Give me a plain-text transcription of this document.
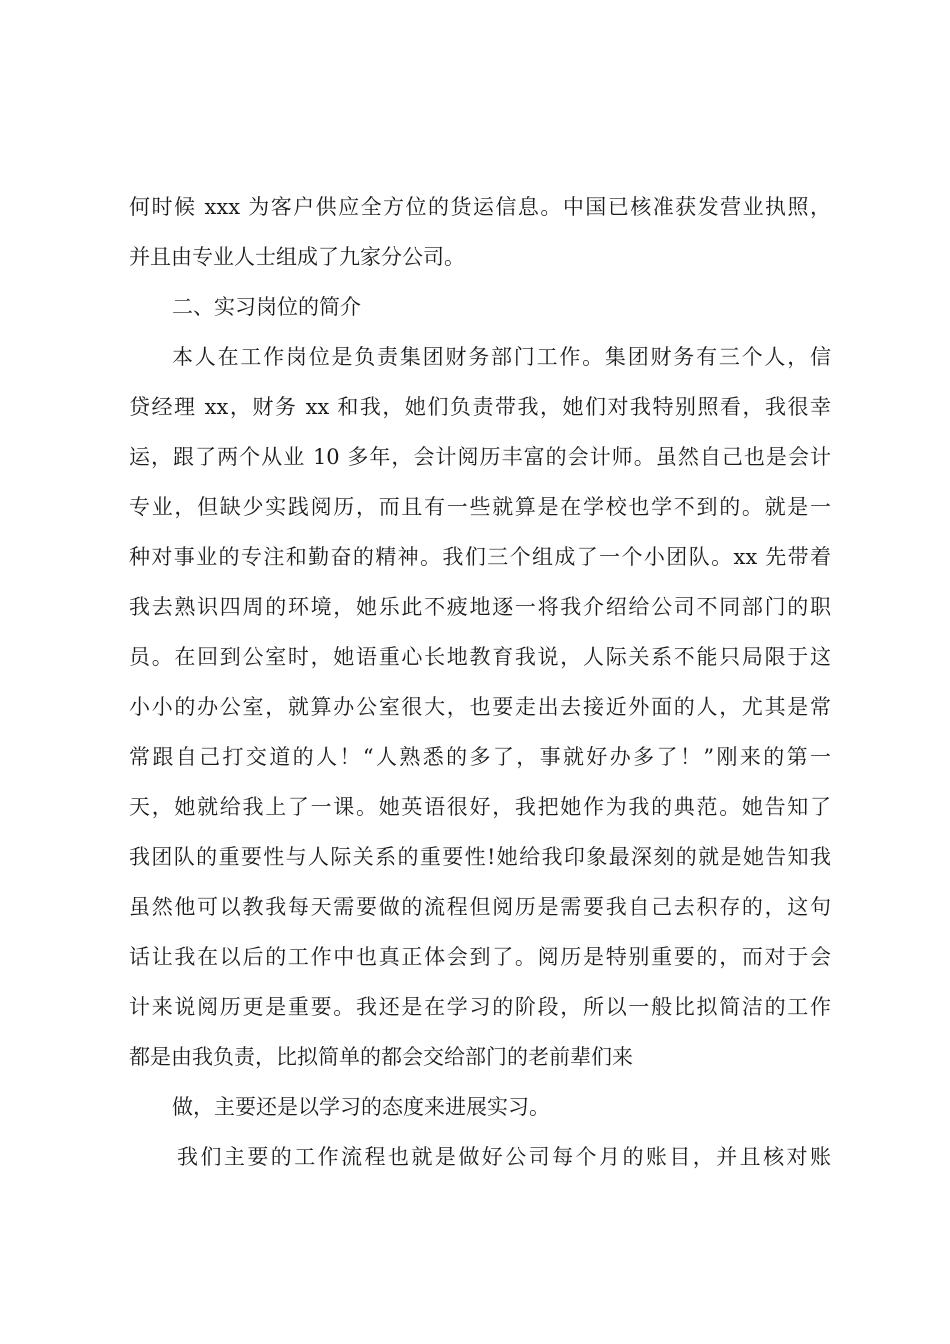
何时候 xxx 为客户供应全方位的货运信息。中国已核准获发营业执照，
并且由专业人士组成了九家分公司。
二、实习岗位的简介
本人在工作岗位是负责集团财务部门工作。集团财务有三个人，信
贷经理 xx，财务 xx 和我，她们负责带我，她们对我特别照看，我很幸
运，跟了两个从业 10 多年，会计阅历丰富的会计师。虽然自己也是会计
专业，但缺少实践阅历，而且有一些就算是在学校也学不到的。就是一
种对事业的专注和勤奋的精神。我们三个组成了一个小团队。xx 先带着
我去熟识四周的环境，她乐此不疲地逐一将我介绍给公司不同部门的职
员。在回到公室时，她语重心长地教育我说，人际关系不能只局限于这
小小的办公室，就算办公室很大，也要走出去接近外面的人，尤其是常
常跟自己打交道的人！“人熟悉的多了，事就好办多了！”刚来的第一
天，她就给我上了一课。她英语很好，我把她作为我的典范。她告知了
我团队的重要性与人际关系的重要性!她给我印象最深刻的就是她告知我
虽然他可以教我每天需要做的流程但阅历是需要我自己去积存的，这句
话让我在以后的工作中也真正体会到了。阅历是特别重要的，而对于会
计来说阅历更是重要。我还是在学习的阶段，所以一般比拟简洁的工作
都是由我负责，比拟简单的都会交给部门的老前辈们来
做，主要还是以学习的态度来进展实习。
我们主要的工作流程也就是做好公司每个月的账目，并且核对账
